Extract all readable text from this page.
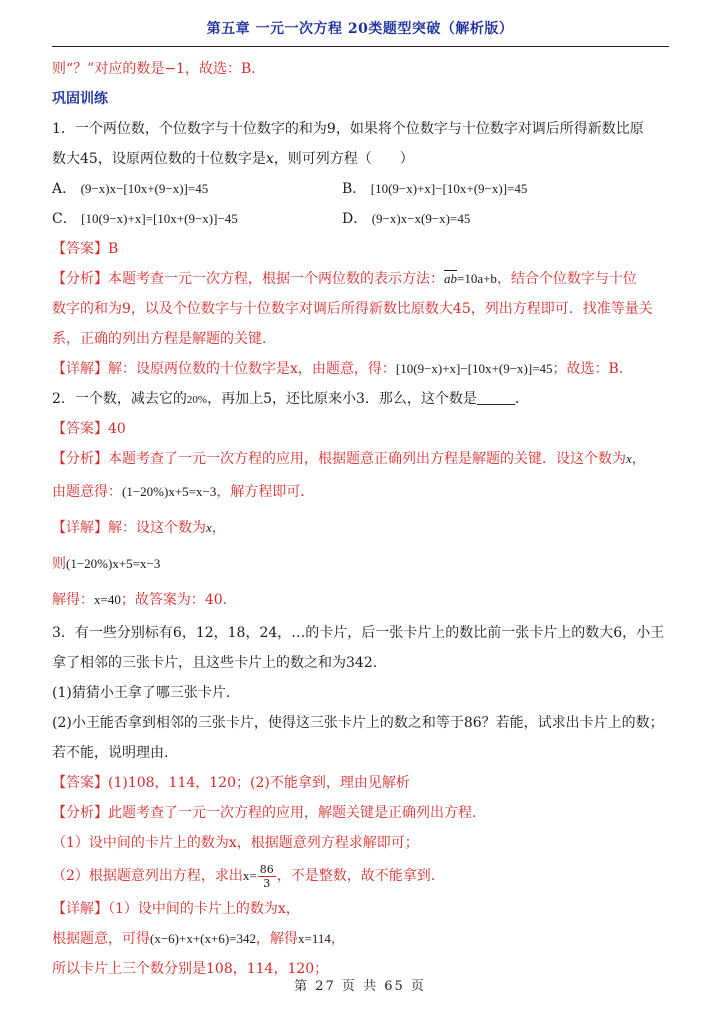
第五章 一元一次方程 20类题型突破（解析版）
则“？”对应的数是−1，故选：B.
巩固训练
1．一个两位数，个位数字与十位数字的和为9，如果将个位数字与十位数字对调后所得新数比原
数大45，设原两位数的十位数字是x，则可列方程（　　）
A． (9−x)x−[10x+(9−x)]=45	B． [10(9−x)+x]−[10x+(9−x)]=45
C． [10(9−x)+x]=[10x+(9−x)]−45	D． (9−x)x−x(9−x)=45
【答案】B
【分析】本题考查一元一次方程，根据一个两位数的表示方法：$\overline{ab}=10a+b$，结合个位数字与十位
数字的和为9，以及个位数字与十位数字对调后所得新数比原数大45，列出方程即可．找准等量关
系，正确的列出方程是解题的关键．
【详解】解：设原两位数的十位数字是x，由题意，得：[10(9−x)+x]−[10x+(9−x)]=45；故选：B.
2．一个数，减去它的20%，再加上5，还比原来小3．那么，这个数是	.
【答案】40
【分析】本题考查了一元一次方程的应用，根据题意正确列出方程是解题的关键．设这个数为x，
由题意得：(1−20%)x+5=x−3，解方程即可．
【详解】解：设这个数为x，
则(1−20%)x+5=x−3
解得：x=40；故答案为：40.
3．有一些分别标有6，12，18，24，…的卡片，后一张卡片上的数比前一张卡片上的数大6，小王
拿了相邻的三张卡片，且这些卡片上的数之和为342.
(1)猜猜小王拿了哪三张卡片.
(2)小王能否拿到相邻的三张卡片，使得这三张卡片上的数之和等于86？若能，试求出卡片上的数；
若不能，说明理由.
【答案】(1)108，114，120；(2)不能拿到，理由见解析
【分析】此题考查了一元一次方程的应用，解题关键是正确列出方程.
（1）设中间的卡片上的数为x，根据题意列方程求解即可；
（2）根据题意列出方程，求出$x= \frac{86}{3}$ ，不是整数，故不能拿到.
【详解】（1）设中间的卡片上的数为x，
根据题意，可得(x−6)+x+(x+6)=342，解得x=114，
所以卡片上三个数分别是108，114，120；
第 27 页 共 65 页
